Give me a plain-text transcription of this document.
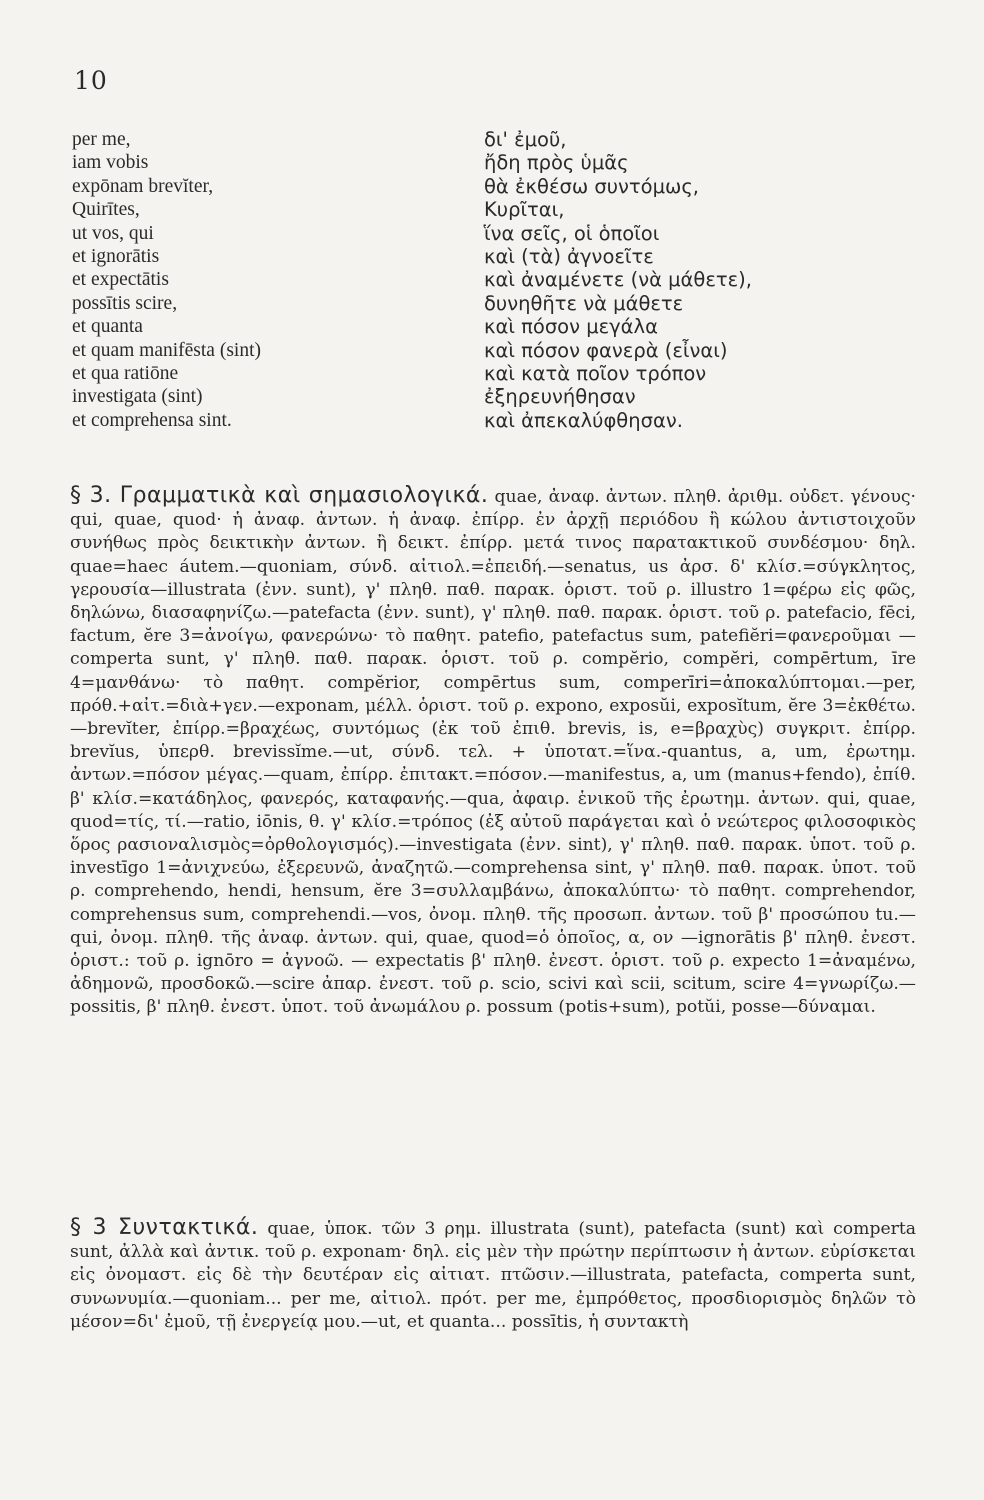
10
per me,
iam vobis
expōnam brevĭter,
Quirītes,
ut vos, qui
et ignorātis
et expectātis
possītis scire,
et quanta
et quam manifēsta (sint)
et qua ratiōne
investigata (sint)
et comprehensa sint.
δι' ἐμοῦ,
ἤδη πρὸς ὑμᾶς
θὰ ἐκθέσω συντόμως,
Κυρῖται,
ἵνα σεῖς, οἱ ὁποῖοι
καὶ (τὰ) ἀγνοεῖτε
καὶ ἀναμένετε (νὰ μάθετε),
δυνηθῆτε νὰ μάθετε
καὶ πόσον μεγάλα
καὶ πόσον φανερὰ (εἶναι)
καὶ κατὰ ποῖον τρόπον
ἐξηρευνήθησαν
καὶ ἀπεκαλύφθησαν.

§ 3. Γραμματικὰ καὶ σημασιολογικά. quae, ἀναφ. ἀντων. πληθ. ἀριθμ. οὐδετ. γένους· qui, quae, quod· ἡ ἀναφ. ἀντων. ἡ ἀναφ. ἐπίρρ. ἐν ἀρχῇ περιόδου ἢ κώλου ἀντιστοιχοῦν συνήθως πρὸς δεικτικὴν ἀντων. ἢ δεικτ. ἐπίρρ. μετά τινος παρατακτικοῦ συνδέσμου· δηλ. quae=haec áutem.—quoniam, σύνδ. αἰτιολ.=ἐπειδή.—senatus, us ἀρσ. δ' κλίσ.=σύγκλητος, γερουσία—illustrata (ἐνν. sunt), γ' πληθ. παθ. παρακ. ὁριστ. τοῦ ρ. illustro 1=φέρω εἰς φῶς, δηλώνω, διασαφηνίζω.—patefacta (ἐνν. sunt), γ' πληθ. παθ. παρακ. ὁριστ. τοῦ ρ. patefacio, fēci, factum, ĕre 3=ἀνοίγω, φανερώνω· τὸ παθητ. patefio, patefactus sum, patefiĕri=φανεροῦμαι —comperta sunt, γ' πληθ. παθ. παρακ. ὁριστ. τοῦ ρ. compĕrio, compĕri, compērtum, īre 4=μανθάνω· τὸ παθητ. compĕrior, compērtus sum, comperīri=ἀποκαλύπτομαι.—per, πρόθ.+αἰτ.=διὰ+γεν.—exponam, μέλλ. ὁριστ. τοῦ ρ. expono, exposŭi, exposĭtum, ĕre 3=ἐκθέτω.—brevĭter, ἐπίρρ.=βραχέως, συντόμως (ἐκ τοῦ ἐπιθ. brevis, is, e=βραχὺς) συγκριτ. ἐπίρρ. brevĭus, ὑπερθ. brevissĭme.—ut, σύνδ. τελ. + ὑποτατ.=ἵνα.-quantus, a, um, ἐρωτημ. ἀντων.=πόσον μέγας.—quam, ἐπίρρ. ἐπιτακτ.=πόσον.—manifestus, a, um (manus+fendo), ἐπίθ. β' κλίσ.=κατάδηλος, φανερός, καταφανής.—qua, ἀφαιρ. ἑνικοῦ τῆς ἐρωτημ. ἀντων. qui, quae, quod=τίς, τί.—ratio, iōnis, θ. γ' κλίσ.=τρόπος (ἐξ αὐτοῦ παράγεται καὶ ὁ νεώτερος φιλοσοφικὸς ὅρος ρασιοναλισμὸς=ὀρθολογισμός).—investigata (ἐνν. sint), γ' πληθ. παθ. παρακ. ὑποτ. τοῦ ρ. investīgo 1=ἀνιχνεύω, ἐξερευνῶ, ἀναζητῶ.—comprehensa sint, γ' πληθ. παθ. παρακ. ὑποτ. τοῦ ρ. comprehendo, hendi, hensum, ĕre 3=συλλαμβάνω, ἀποκαλύπτω· τὸ παθητ. comprehendor, comprehensus sum, comprehendi.—vos, ὀνομ. πληθ. τῆς προσωπ. ἀντων. τοῦ β' προσώπου tu.—qui, ὀνομ. πληθ. τῆς ἀναφ. ἀντων. qui, quae, quod=ὁ ὁποῖος, α, ον —ignorātis β' πληθ. ἐνεστ. ὁριστ.: τοῦ ρ. ignōro = ἀγνοῶ. — expectatis β' πληθ. ἐνεστ. ὁριστ. τοῦ ρ. expecto 1=ἀναμένω, ἀδημονῶ, προσδοκῶ.—scire ἀπαρ. ἐνεστ. τοῦ ρ. scio, scivi καὶ scii, scitum, scire 4=γνωρίζω.—possitis, β' πληθ. ἐνεστ. ὑποτ. τοῦ ἀνωμάλου ρ. possum (potis+sum), potŭi, posse—δύναμαι.

§ 3 Συντακτικά. quae, ὑποκ. τῶν 3 ρημ. illustrata (sunt), patefacta (sunt) καὶ comperta sunt, ἀλλὰ καὶ ἀντικ. τοῦ ρ. exponam· δηλ. εἰς μὲν τὴν πρώτην περίπτωσιν ἡ ἀντων. εὑρίσκεται εἰς ὀνομαστ. εἰς δὲ τὴν δευτέραν εἰς αἰτιατ. πτῶσιν.—illustrata, patefacta, comperta sunt, συνωνυμία.—quoniam... per me, αἰτιολ. πρότ. per me, ἐμπρόθετος, προσδιορισμὸς δηλῶν τὸ μέσον=δι' ἐμοῦ, τῇ ἐνεργείᾳ μου.—ut, et quanta... possītis, ἡ συντακτὴ
